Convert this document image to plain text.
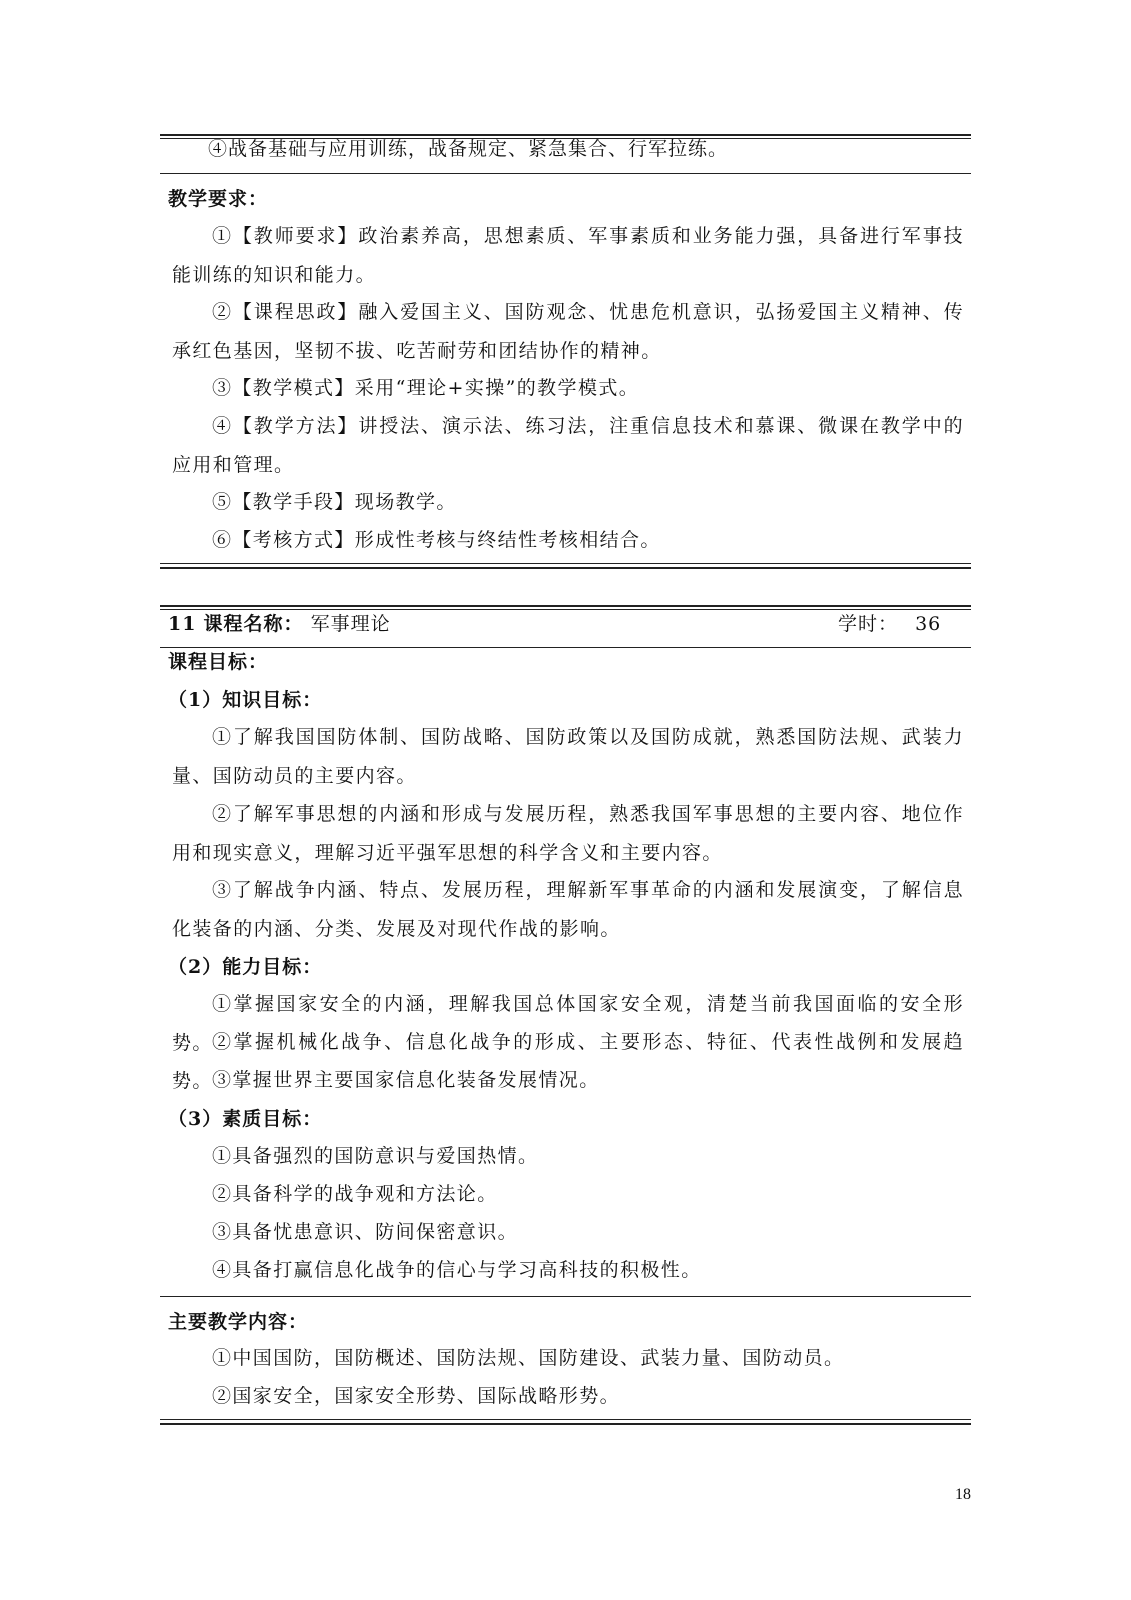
④战备基础与应用训练，战备规定、紧急集合、行军拉练。
教学要求：
①【教师要求】政治素养高，思想素质、军事素质和业务能力强，具备进行军事技能训练的知识和能力。
②【课程思政】融入爱国主义、国防观念、忧患危机意识，弘扬爱国主义精神、传承红色基因，坚韧不拔、吃苦耐劳和团结协作的精神。
③【教学模式】采用“理论+实操”的教学模式。
④【教学方法】讲授法、演示法、练习法，注重信息技术和慕课、微课在教学中的应用和管理。
⑤【教学手段】现场教学。
⑥【考核方式】形成性考核与终结性考核相结合。
11 课程名称： 军事理论	学时： 36
课程目标：
（1）知识目标：
①了解我国国防体制、国防战略、国防政策以及国防成就，熟悉国防法规、武装力量、国防动员的主要内容。
②了解军事思想的内涵和形成与发展历程，熟悉我国军事思想的主要内容、地位作用和现实意义，理解习近平强军思想的科学含义和主要内容。
③了解战争内涵、特点、发展历程，理解新军事革命的内涵和发展演变，了解信息化装备的内涵、分类、发展及对现代作战的影响。
（2）能力目标：
①掌握国家安全的内涵，理解我国总体国家安全观，清楚当前我国面临的安全形势。 ②掌握机械化战争、信息化战争的形成、主要形态、特征、代表性战例和发展趋势。 ③掌握世界主要国家信息化装备发展情况。
（3）素质目标：
①具备强烈的国防意识与爱国热情。
②具备科学的战争观和方法论。
③具备忧患意识、防间保密意识。
④具备打赢信息化战争的信心与学习高科技的积极性。
主要教学内容：
①中国国防，国防概述、国防法规、国防建设、武装力量、国防动员。
②国家安全，国家安全形势、国际战略形势。
18
